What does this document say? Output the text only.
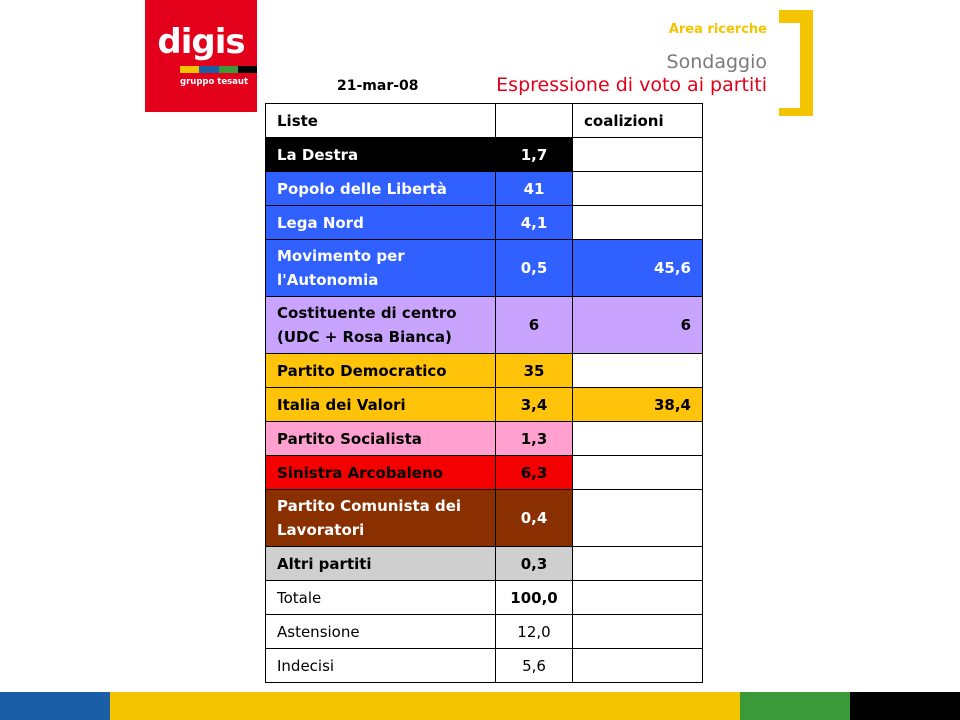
digis
gruppo tesaut
Area ricerche
Sondaggio
Espressione di voto ai partiti
21-mar-08
Liste		coalizioni
La Destra	1,7	
Popolo delle Libertà	41	
Lega Nord	4,1	
Movimento per l'Autonomia	0,5	45,6
Costituente di centro (UDC + Rosa Bianca)	6	6
Partito Democratico	35	
Italia dei Valori	3,4	38,4
Partito Socialista	1,3	
Sinistra Arcobaleno	6,3	
Partito Comunista dei Lavoratori	0,4	
Altri partiti	0,3	
Totale	100,0	
Astensione	12,0	
Indecisi	5,6	
